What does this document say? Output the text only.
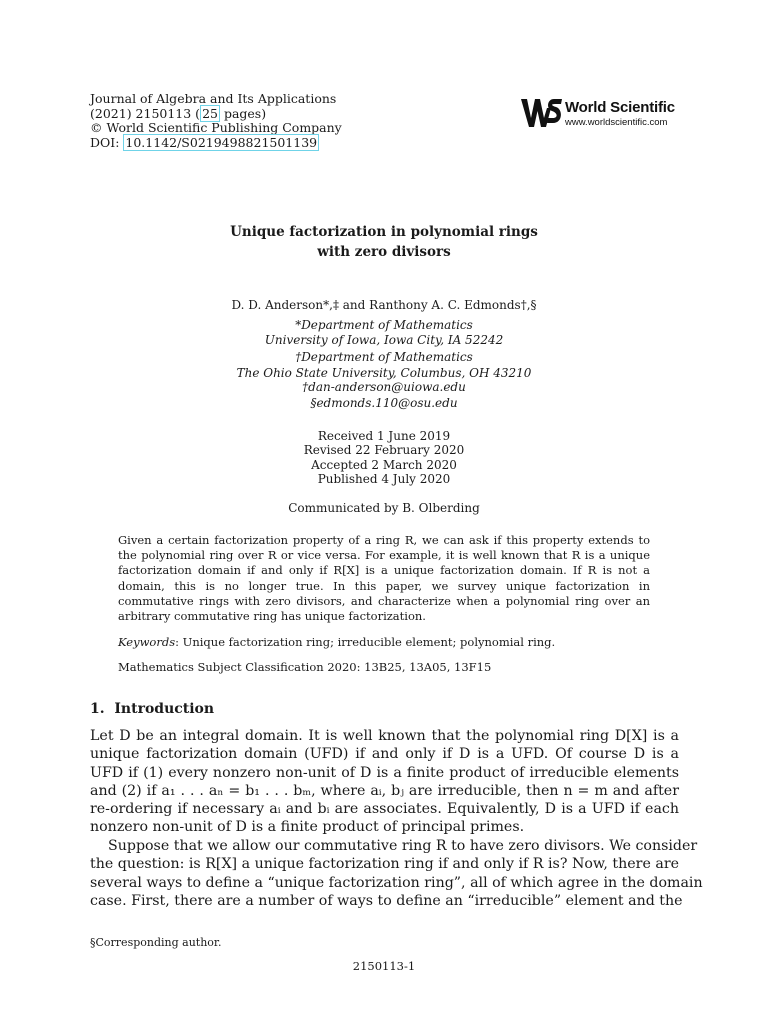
Journal of Algebra and Its Applications
(2021) 2150113 ( 25 pages)
© World Scientific Publishing Company
DOI: 10.1142/S0219498821501139
World Scientific
www.worldscientific.com
Unique factorization in polynomial rings
with zero divisors
D. D. Anderson*,‡ and Ranthony A. C. Edmonds†,§
*Department of Mathematics
University of Iowa, Iowa City, IA 52242
†Department of Mathematics
The Ohio State University, Columbus, OH 43210
†dan-anderson@uiowa.edu
§edmonds.110@osu.edu
Received 1 June 2019
Revised 22 February 2020
Accepted 2 March 2020
Published 4 July 2020
Communicated by B. Olberding
Given a certain factorization property of a ring R, we can ask if this property extends to the polynomial ring over R or vice versa. For example, it is well known that R is a unique factorization domain if and only if R[X] is a unique factorization domain. If R is not a domain, this is no longer true. In this paper, we survey unique factorization in commutative rings with zero divisors, and characterize when a polynomial ring over an arbitrary commutative ring has unique factorization.
Keywords: Unique factorization ring; irreducible element; polynomial ring.
Mathematics Subject Classification 2020: 13B25, 13A05, 13F15
1. Introduction
Let D be an integral domain. It is well known that the polynomial ring D[X] is a
unique factorization domain (UFD) if and only if D is a UFD. Of course D is a
UFD if (1) every nonzero non-unit of D is a finite product of irreducible elements
and (2) if a₁ . . . aₙ = b₁ . . . bₘ, where aᵢ, bⱼ are irreducible, then n = m and after
re-ordering if necessary aᵢ and bᵢ are associates. Equivalently, D is a UFD if each
nonzero non-unit of D is a finite product of principal primes.
Suppose that we allow our commutative ring R to have zero divisors. We consider
the question: is R[X] a unique factorization ring if and only if R is? Now, there are
several ways to define a “unique factorization ring”, all of which agree in the domain
case. First, there are a number of ways to define an “irreducible” element and the
§Corresponding author.
2150113-1
